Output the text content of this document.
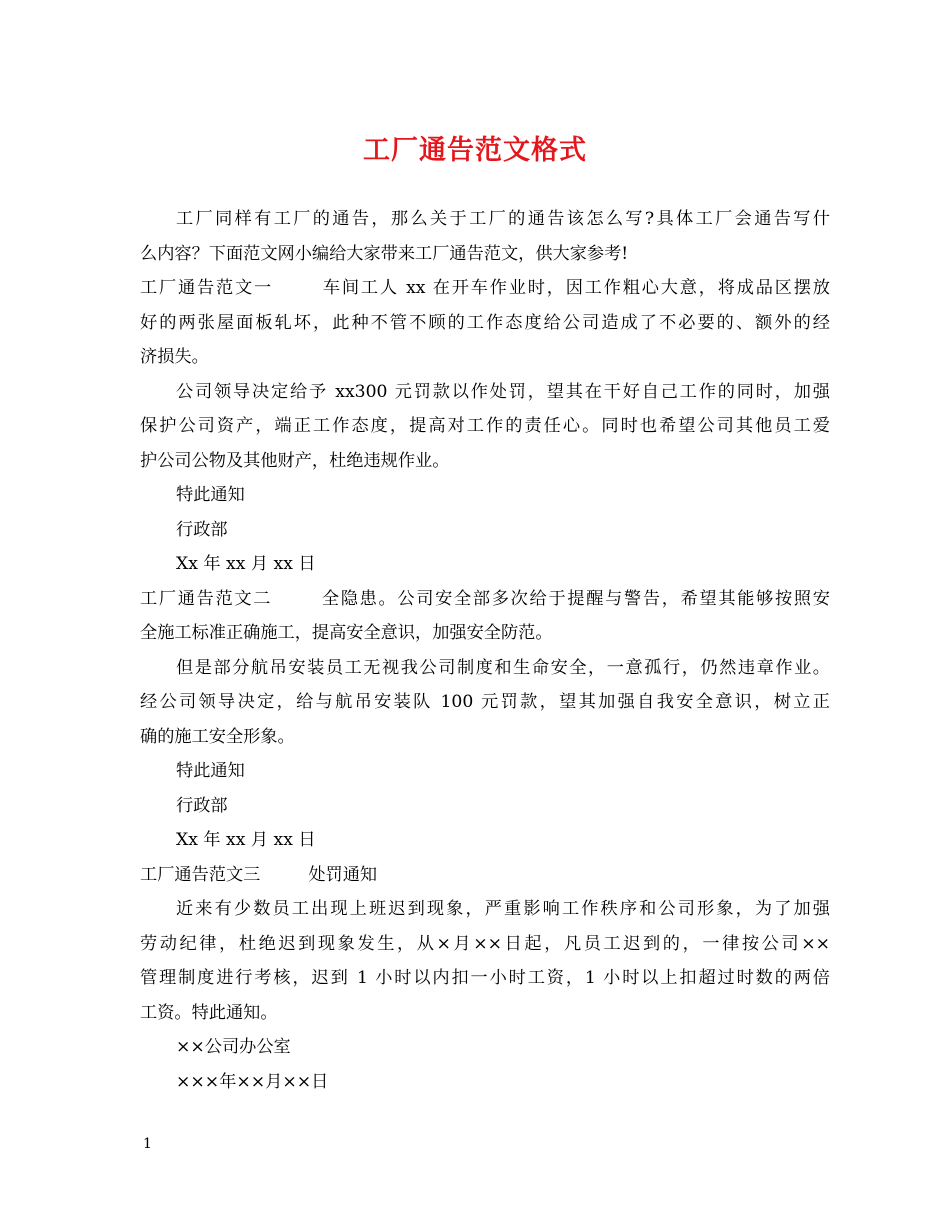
工厂通告范文格式

工厂同样有工厂的通告，那么关于工厂的通告该怎么写?具体工厂会通告写什

么内容？下面范文网小编给大家带来工厂通告范文，供大家参考!

工厂通告范文一	车间工人 xx 在开车作业时，因工作粗心大意，将成品区摆放

好的两张屋面板轧坏，此种不管不顾的工作态度给公司造成了不必要的、额外的经

济损失。

公司领导决定给予 xx300 元罚款以作处罚，望其在干好自己工作的同时，加强

保护公司资产，端正工作态度，提高对工作的责任心。同时也希望公司其他员工爱

护公司公物及其他财产，杜绝违规作业。

特此通知

行政部

Xx 年 xx 月 xx 日

工厂通告范文二	全隐患。公司安全部多次给于提醒与警告，希望其能够按照安

全施工标准正确施工，提高安全意识，加强安全防范。

但是部分航吊安装员工无视我公司制度和生命安全，一意孤行，仍然违章作业。

经公司领导决定，给与航吊安装队 100 元罚款，望其加强自我安全意识，树立正

确的施工安全形象。

特此通知

行政部

Xx 年 xx 月 xx 日

工厂通告范文三	处罚通知

近来有少数员工出现上班迟到现象，严重影响工作秩序和公司形象，为了加强

劳动纪律，杜绝迟到现象发生，从×月××日起，凡员工迟到的，一律按公司××

管理制度进行考核，迟到 1 小时以内扣一小时工资，1 小时以上扣超过时数的两倍

工资。特此通知。

××公司办公室

×××年××月××日

1
